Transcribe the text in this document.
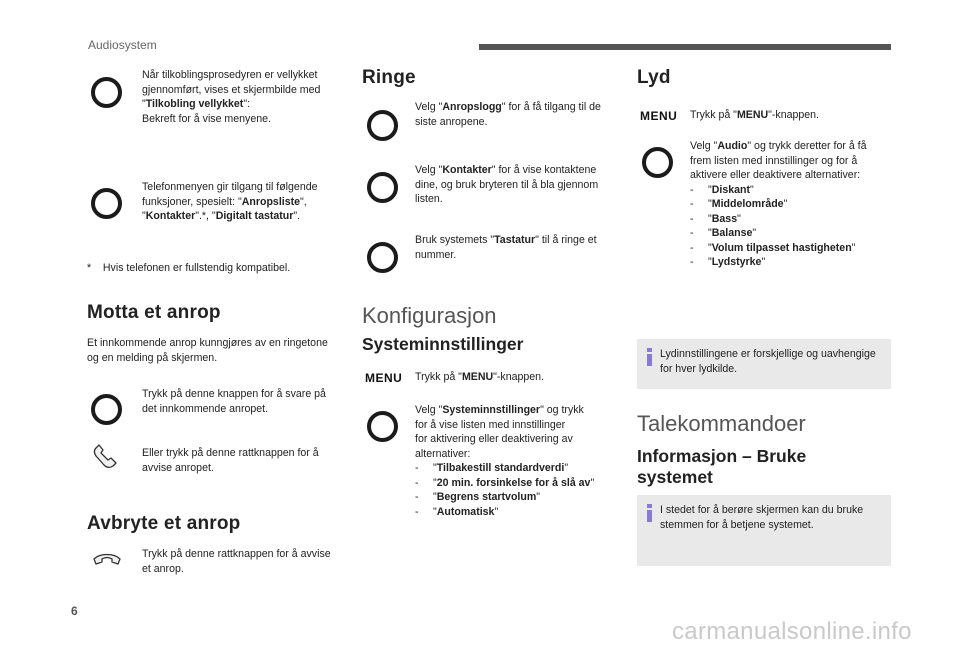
Audiosystem
Når tilkoblingsprosedyren er vellykket
gjennomført, vises et skjermbilde med
"Tilkobling vellykket":
Bekreft for å vise menyene.
Telefonmenyen gir tilgang til følgende
funksjoner, spesielt: "Anropsliste",
"Kontakter".*, "Digitalt tastatur".
*    Hvis telefonen er fullstendig kompatibel.
Motta et anrop
Et innkommende anrop kunngjøres av en ringetone
og en melding på skjermen.
Trykk på denne knappen for å svare på
det innkommende anropet.
Eller trykk på denne rattknappen for å
avvise anropet.
Avbryte et anrop
Trykk på denne rattknappen for å avvise
et anrop.
Ringe
Velg "Anropslogg" for å få tilgang til de
siste anropene.
Velg "Kontakter" for å vise kontaktene
dine, og bruk bryteren til å bla gjennom
listen.
Bruk systemets "Tastatur" til å ringe et
nummer.
Konfigurasjon
Systeminnstillinger
MENU Trykk på "MENU"-knappen.
Velg "Systeminnstillinger" og trykk
for å vise listen med innstillinger
for aktivering eller deaktivering av
alternativer:
- "Tilbakestill standardverdi"
- "20 min. forsinkelse for å slå av"
- "Begrens startvolum"
- "Automatisk"
Lyd
MENU Trykk på "MENU"-knappen.
Velg "Audio" og trykk deretter for å få
frem listen med innstillinger og for å
aktivere eller deaktivere alternativer:
- "Diskant"
- "Middelområde"
- "Bass"
- "Balanse"
- "Volum tilpasset hastigheten"
- "Lydstyrke"
Lydinnstillingene er forskjellige og uavhengige
for hver lydkilde.
Talekommandoer
Informasjon – Bruke
systemet
I stedet for å berøre skjermen kan du bruke
stemmen for å betjene systemet.
6
carmanualsonline.info
